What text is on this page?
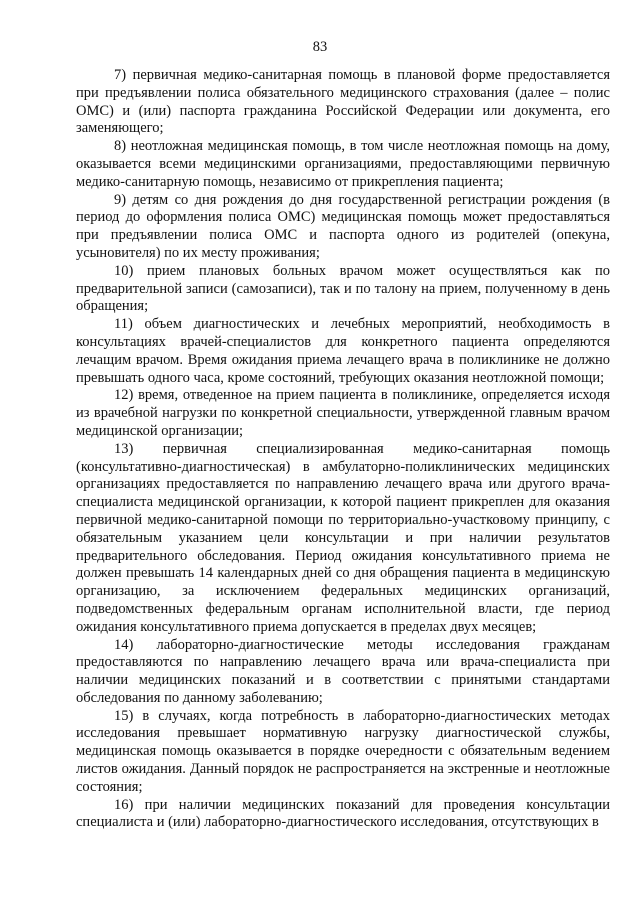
83

7) первичная медико-санитарная помощь в плановой форме предоставляется при предъявлении полиса обязательного медицинского страхования (далее – полис ОМС) и (или) паспорта гражданина Российской Федерации или документа, его заменяющего;

8) неотложная медицинская помощь, в том числе неотложная помощь на дому, оказывается всеми медицинскими организациями, предоставляющими первичную медико-санитарную помощь, независимо от прикрепления пациента;

9) детям со дня рождения до дня государственной регистрации рождения (в период до оформления полиса ОМС) медицинская помощь может предоставляться при предъявлении полиса ОМС и паспорта одного из родителей (опекуна, усыновителя) по их месту проживания;

10) прием плановых больных врачом может осуществляться как по предварительной записи (самозаписи), так и по талону на прием, полученному в день обращения;

11) объем диагностических и лечебных мероприятий, необходимость в консультациях врачей-специалистов для конкретного пациента определяются лечащим врачом. Время ожидания приема лечащего врача в поликлинике не должно превышать одного часа, кроме состояний, требующих оказания неотложной помощи;

12) время, отведенное на прием пациента в поликлинике, определяется исходя из врачебной нагрузки по конкретной специальности, утвержденной главным врачом медицинской организации;

13) первичная специализированная медико-санитарная помощь (консультативно-диагностическая) в амбулаторно-поликлинических медицинских организациях предоставляется по направлению лечащего врача или другого врача-специалиста медицинской организации, к которой пациент прикреплен для оказания первичной медико-санитарной помощи по территориально-участковому принципу, с обязательным указанием цели консультации и при наличии результатов предварительного обследования. Период ожидания консультативного приема не должен превышать 14 календарных дней со дня обращения пациента в медицинскую организацию, за исключением федеральных медицинских организаций, подведомственных федеральным органам исполнительной власти, где период ожидания консультативного приема допускается в пределах двух месяцев;

14) лабораторно-диагностические методы исследования гражданам предоставляются по направлению лечащего врача или врача-специалиста при наличии медицинских показаний и в соответствии с принятыми стандартами обследования по данному заболеванию;

15) в случаях, когда потребность в лабораторно-диагностических методах исследования превышает нормативную нагрузку диагностической службы, медицинская помощь оказывается в порядке очередности с обязательным ведением листов ожидания. Данный порядок не распространяется на экстренные и неотложные состояния;

16) при наличии медицинских показаний для проведения консультации специалиста и (или) лабораторно-диагностического исследования, отсутствующих в
